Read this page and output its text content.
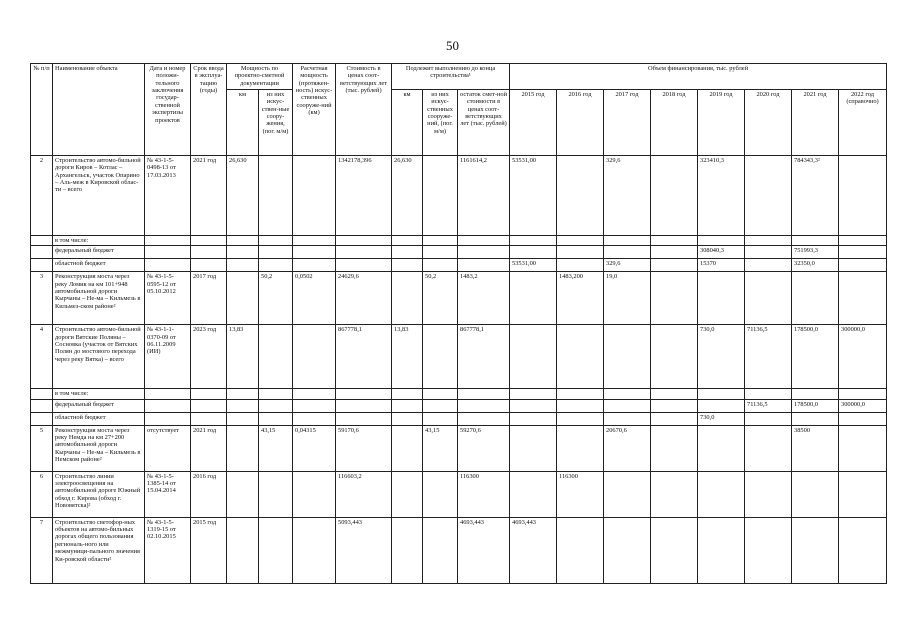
50
№ п/п	Наименование объекта	Дата и номер положи-тельного заключения государ-ственной экспертизы проектов	Срок ввода в эксплуа-тацию (годы)	Мощность по проектно-сметной документации		Расчетная мощность (протяжен-ность) искус-ственных сооруже-ний (км)	Стоимость в ценах соот-ветствующих лет (тыс. рублей)	Подлежит выполнению до конца строительства¹			Объем финансирования, тыс. рублей							
				км	из них искус-ствен-ные соору-жения, (пог. м/м)			км	из них искус-ственных сооруже-ний, (пог. м/м)	остаток смет-ной стоимости в ценах соот-ветствующих лет (тыс. рублей)	2015 год	2016 год	2017 год	2018 год	2019 год	2020 год	2021 год	2022 год (справочно)
2	Строительство автомо-бильной дороги Киров – Котлас – Архангельск, участок Опарино – Аль-меж в Кировской облас-ти – всего	№ 43-1-5-0498-13 от 17.03.2013	2021 год	26,630			1342178,396	26,630		1161614,2	53531,00		329,6		323410,3		784343,3²	
	в том числе:																	
	федеральный бюджет														308040,3		751993,3	
	областной бюджет										53531,00		329,6		15370		32350,0	
3	Реконструкция моста через реку Ломик на км 101+948 автомобильной дороги Кырчаны – Не-ма – Кильмезь в Кильмез-ском районе²	№ 43-1-5-0595-12 от 05.10.2012	2017 год		50,2	0,0502	24629,6		50,2	1483,2		1483,200	19,0					
4	Строительство автомо-бильной дороги Вятские Поляны – Сосновка (участок от Вятских Полян до мостового перехода через реку Вятка) – всего	№ 43-1-1-0370-09 от 06.11.2009 (ИИ)	2023 год	13,83			867778,1	13,83		867778,1					730,0	71136,5	178500,0	300000,0
	в том числе:																	
	федеральный бюджет															71136,5	178500,0	300000,0
	областной бюджет														730,0			
5	Реконструкция моста через реку Немда на км 27+200 автомобильной дороги Кырчаны – Не-ма – Кильмезь в Немском районе²	отсутствует	2021 год		43,15	0,04315	59170,6		43,15	59270,6			20670,6				38500	
6	Строительство линии электроосвещения на автомобильной дороге Южный обход г. Кирова (обход г. Нововятска)²	№ 43-1-5-1385-14 от 15.04.2014	2016 год				116603,2			116300		116300						
7	Строительство светофор-ных объектов на автомо-бильных дорогах общего пользования региональ-ного или межмуници-пального значения Ки-ровской области²	№ 43-1-5-1319-15 от 02.10.2015	2015 год				5093,443			4693,443	4693,443							
